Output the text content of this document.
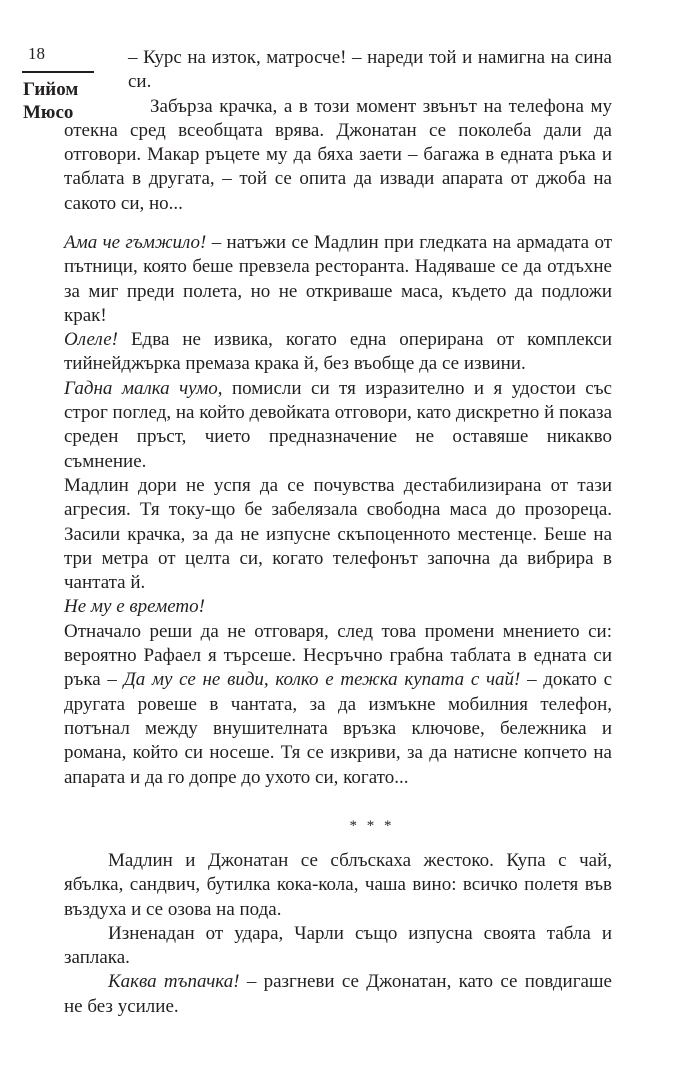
18
Гийом
Мюсо

– Курс на изток, матросче! – нареди той и намигна на сина си.

Забърза крачка, а в този момент звънът на телефона му отекна сред всеобщата врява. Джонатан се поколеба дали да отговори. Макар ръцете му да бяха заети – багажа в едната ръка и таблата в другата, – той се опита да извади апарата от джоба на сакото си, но...

Ама че гъмжило! – натъжи се Мадлин при гледката на армадата от пътници, която беше превзела ресторанта. Надяваше се да отдъхне за миг преди полета, но не откриваше маса, където да подложи крак!

Олеле! Едва не извика, когато една оперирана от комплекси тийнейджърка премаза крака й, без въобще да се извини.

Гадна малка чумо, помисли си тя изразително и я удостои със строг поглед, на който девойката отговори, като дискретно й показа среден пръст, чието предназначение не оставяше никакво съмнение.

Мадлин дори не успя да се почувства дестабилизирана от тази агресия. Тя току-що бе забелязала свободна маса до прозореца. Засили крачка, за да не изпусне скъпоценното местенце. Беше на три метра от целта си, когато телефонът започна да вибрира в чантата й.

Не му е времето!

Отначало реши да не отговаря, след това промени мнението си: вероятно Рафаел я търсеше. Несръчно грабна таблата в едната си ръка – Да му се не види, колко е тежка купата с чай! – докато с другата ровеше в чантата, за да измъкне мобилния телефон, потънал между внушителната връзка ключове, бележника и романа, който си носеше. Тя се изкриви, за да натисне копчето на апарата и да го допре до ухото си, когато...

* * *

Мадлин и Джонатан се сблъскаха жестоко. Купа с чай, ябълка, сандвич, бутилка кока-кола, чаша вино: всичко полетя във въздуха и се озова на пода.

Изненадан от удара, Чарли също изпусна своята табла и заплака.

Каква тъпачка! – разгневи се Джонатан, като се повдигаше не без усилие.
